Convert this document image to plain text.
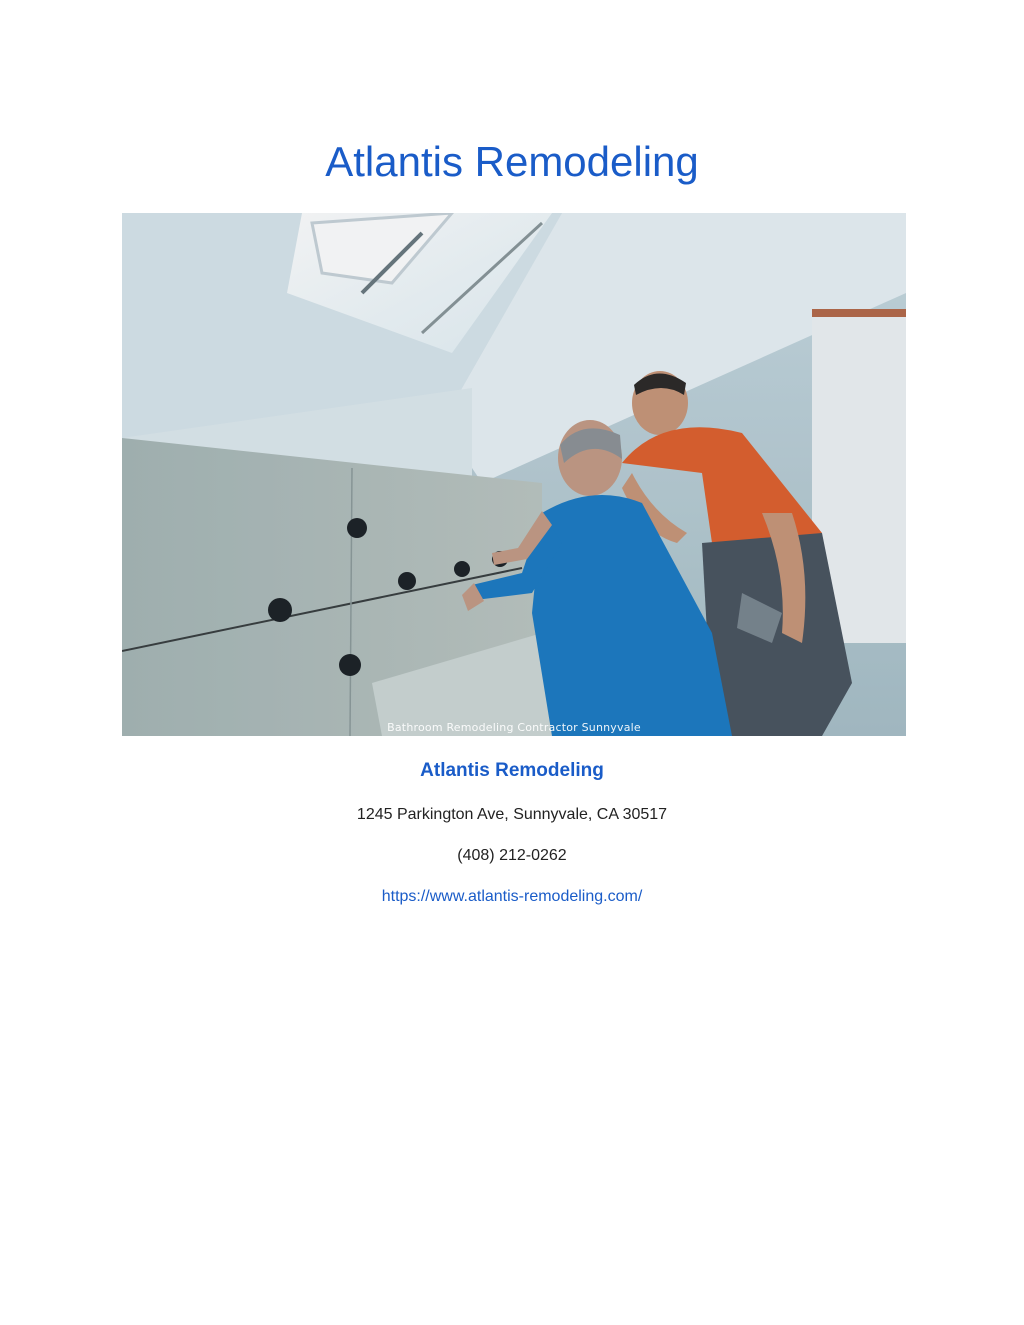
Atlantis Remodeling
Bathroom Remodeling Contractor Sunnyvale
Atlantis Remodeling

1245 Parkington Ave, Sunnyvale, CA 30517

(408) 212-0262

https://www.atlantis-remodeling.com/
